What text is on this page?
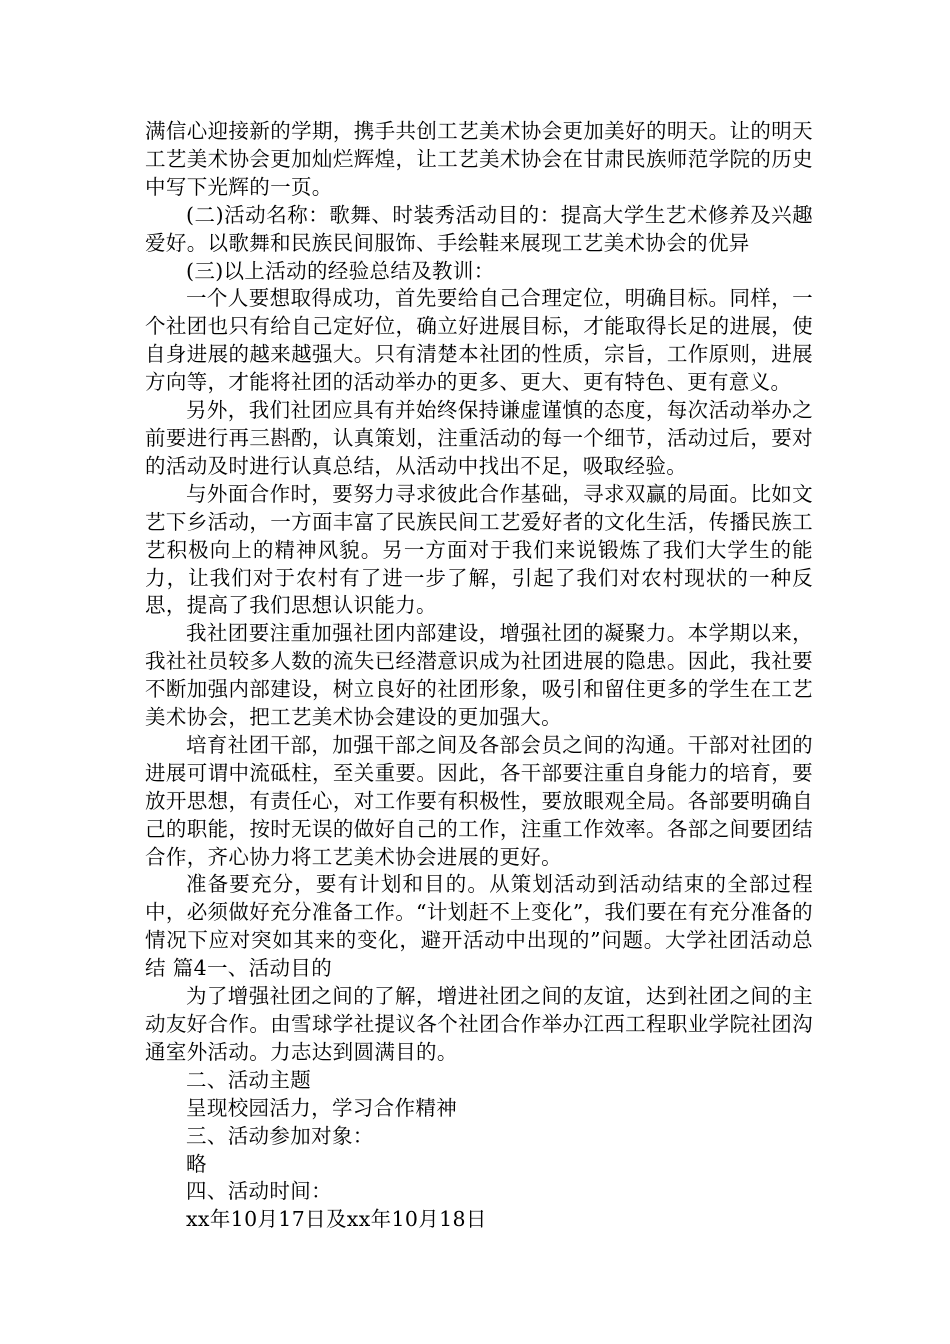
满信心迎接新的学期，携手共创工艺美术协会更加美好的明天。让的明天工艺美术协会更加灿烂辉煌，让工艺美术协会在甘肃民族师范学院的历史中写下光辉的一页。

(二)活动名称：歌舞、时装秀活动目的：提高大学生艺术修养及兴趣爱好。以歌舞和民族民间服饰、手绘鞋来展现工艺美术协会的优异

(三)以上活动的经验总结及教训：

一个人要想取得成功，首先要给自己合理定位，明确目标。同样，一个社团也只有给自己定好位，确立好进展目标，才能取得长足的进展，使自身进展的越来越强大。只有清楚本社团的性质，宗旨，工作原则，进展方向等，才能将社团的活动举办的更多、更大、更有特色、更有意义。

另外，我们社团应具有并始终保持谦虚谨慎的态度，每次活动举办之前要进行再三斟酌，认真策划，注重活动的每一个细节，活动过后，要对的活动及时进行认真总结，从活动中找出不足，吸取经验。

与外面合作时，要努力寻求彼此合作基础，寻求双赢的局面。比如文艺下乡活动，一方面丰富了民族民间工艺爱好者的文化生活，传播民族工艺积极向上的精神风貌。另一方面对于我们来说锻炼了我们大学生的能力，让我们对于农村有了进一步了解，引起了我们对农村现状的一种反思，提高了我们思想认识能力。

我社团要注重加强社团内部建设，增强社团的凝聚力。本学期以来，我社社员较多人数的流失已经潜意识成为社团进展的隐患。因此，我社要不断加强内部建设，树立良好的社团形象，吸引和留住更多的学生在工艺美术协会，把工艺美术协会建设的更加强大。

培育社团干部，加强干部之间及各部会员之间的沟通。干部对社团的进展可谓中流砥柱，至关重要。因此，各干部要注重自身能力的培育，要放开思想，有责任心，对工作要有积极性，要放眼观全局。各部要明确自己的职能，按时无误的做好自己的工作，注重工作效率。各部之间要团结合作，齐心协力将工艺美术协会进展的更好。

准备要充分，要有计划和目的。从策划活动到活动结束的全部过程中，必须做好充分准备工作。“计划赶不上变化”，我们要在有充分准备的情况下应对突如其来的变化，避开活动中出现的”问题。大学社团活动总结 篇4一、活动目的

为了增强社团之间的了解，增进社团之间的友谊，达到社团之间的主动友好合作。由雪球学社提议各个社团合作举办江西工程职业学院社团沟通室外活动。力志达到圆满目的。

二、活动主题

呈现校园活力，学习合作精神

三、活动参加对象：

略

四、活动时间：

xx年10月17日及xx年10月18日
